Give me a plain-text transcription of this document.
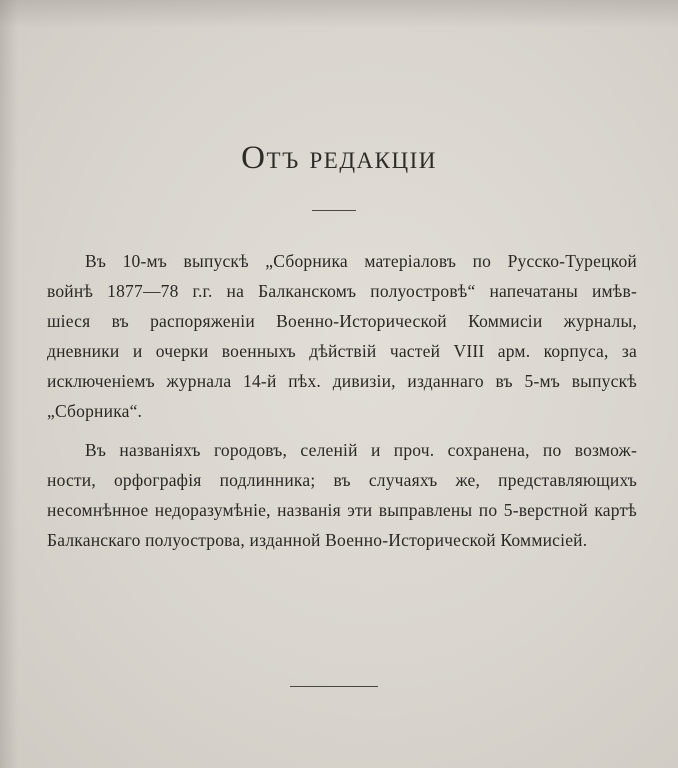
Отъ редакціи
Въ 10-мъ выпускѣ „Сборника матеріаловъ по Русско-Турецкой
войнѣ 1877—78 г.г. на Балканскомъ полуостровѣ“ напечатаны имѣв-
шіеся въ распоряженіи Военно-Исторической Коммисіи журналы,
дневники и очерки военныхъ дѣйствій частей VIII арм. корпуса, за
исключеніемъ журнала 14-й пѣх. дивизіи, изданнаго въ 5-мъ выпускѣ
„Сборника“.
Въ названіяхъ городовъ, селеній и проч. сохранена, по возмож-
ности, орфографія подлинника; въ случаяхъ же, представляющихъ
несомнѣнное недоразумѣніе, названія эти выправлены по 5-верстной картѣ
Балканскаго полуострова, изданной Военно-Исторической Коммисіей.
